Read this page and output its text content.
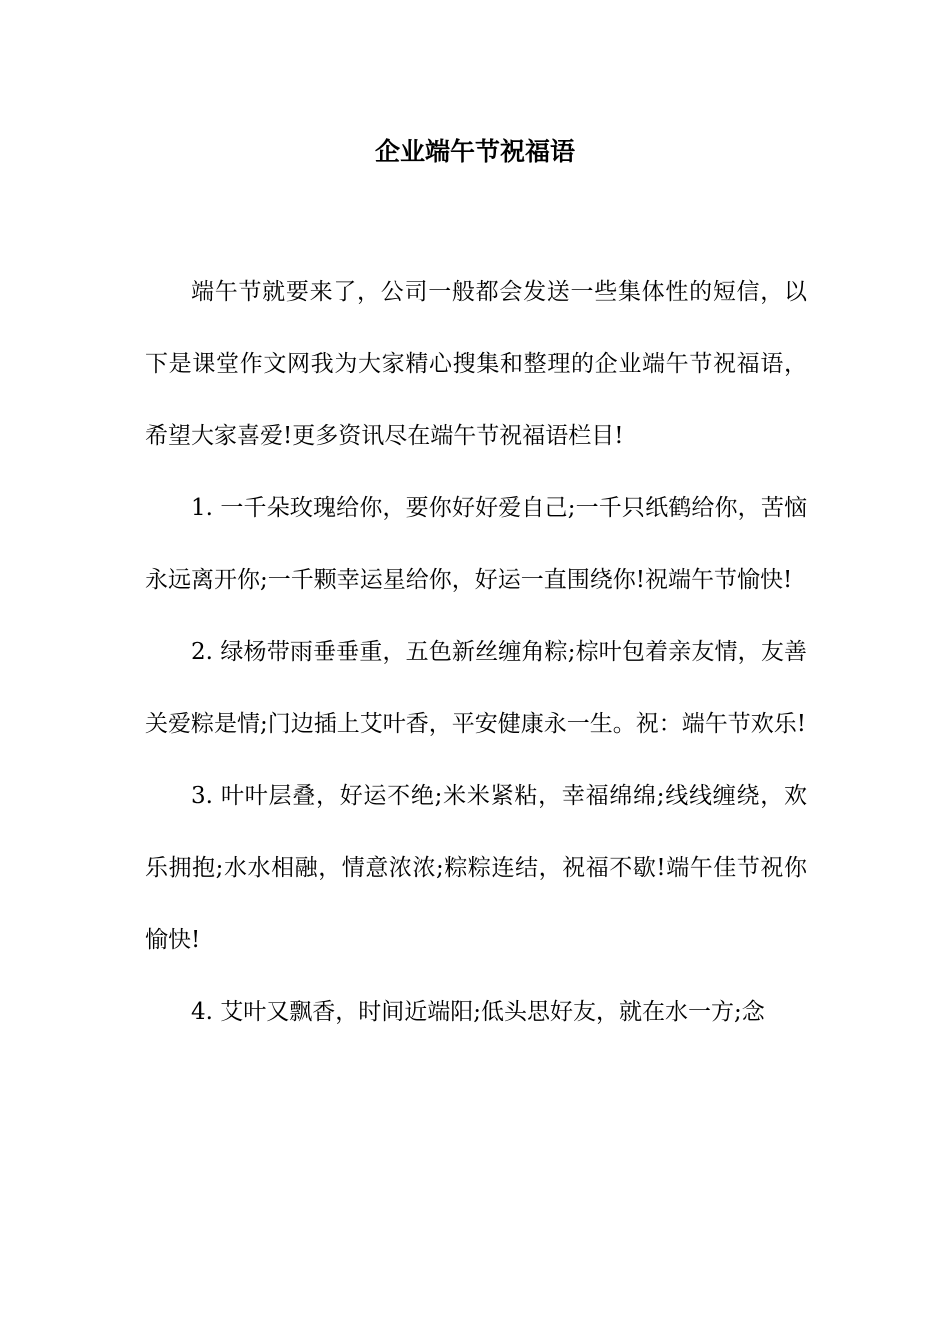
企业端午节祝福语

端午节就要来了，公司一般都会发送一些集体性的短信，以下是课堂作文网我为大家精心搜集和整理的企业端午节祝福语，希望大家喜爱!更多资讯尽在端午节祝福语栏目!

1. 一千朵玫瑰给你，要你好好爱自己;一千只纸鹤给你，苦恼永远离开你;一千颗幸运星给你，好运一直围绕你!祝端午节愉快!

2. 绿杨带雨垂垂重，五色新丝缠角粽;棕叶包着亲友情，友善关爱粽是情;门边插上艾叶香，平安健康永一生。祝：端午节欢乐!

3. 叶叶层叠，好运不绝;米米紧粘，幸福绵绵;线线缠绕，欢乐拥抱;水水相融，情意浓浓;粽粽连结，祝福不歇!端午佳节祝你愉快!

4. 艾叶又飘香，时间近端阳;低头思好友，就在水一方;念
